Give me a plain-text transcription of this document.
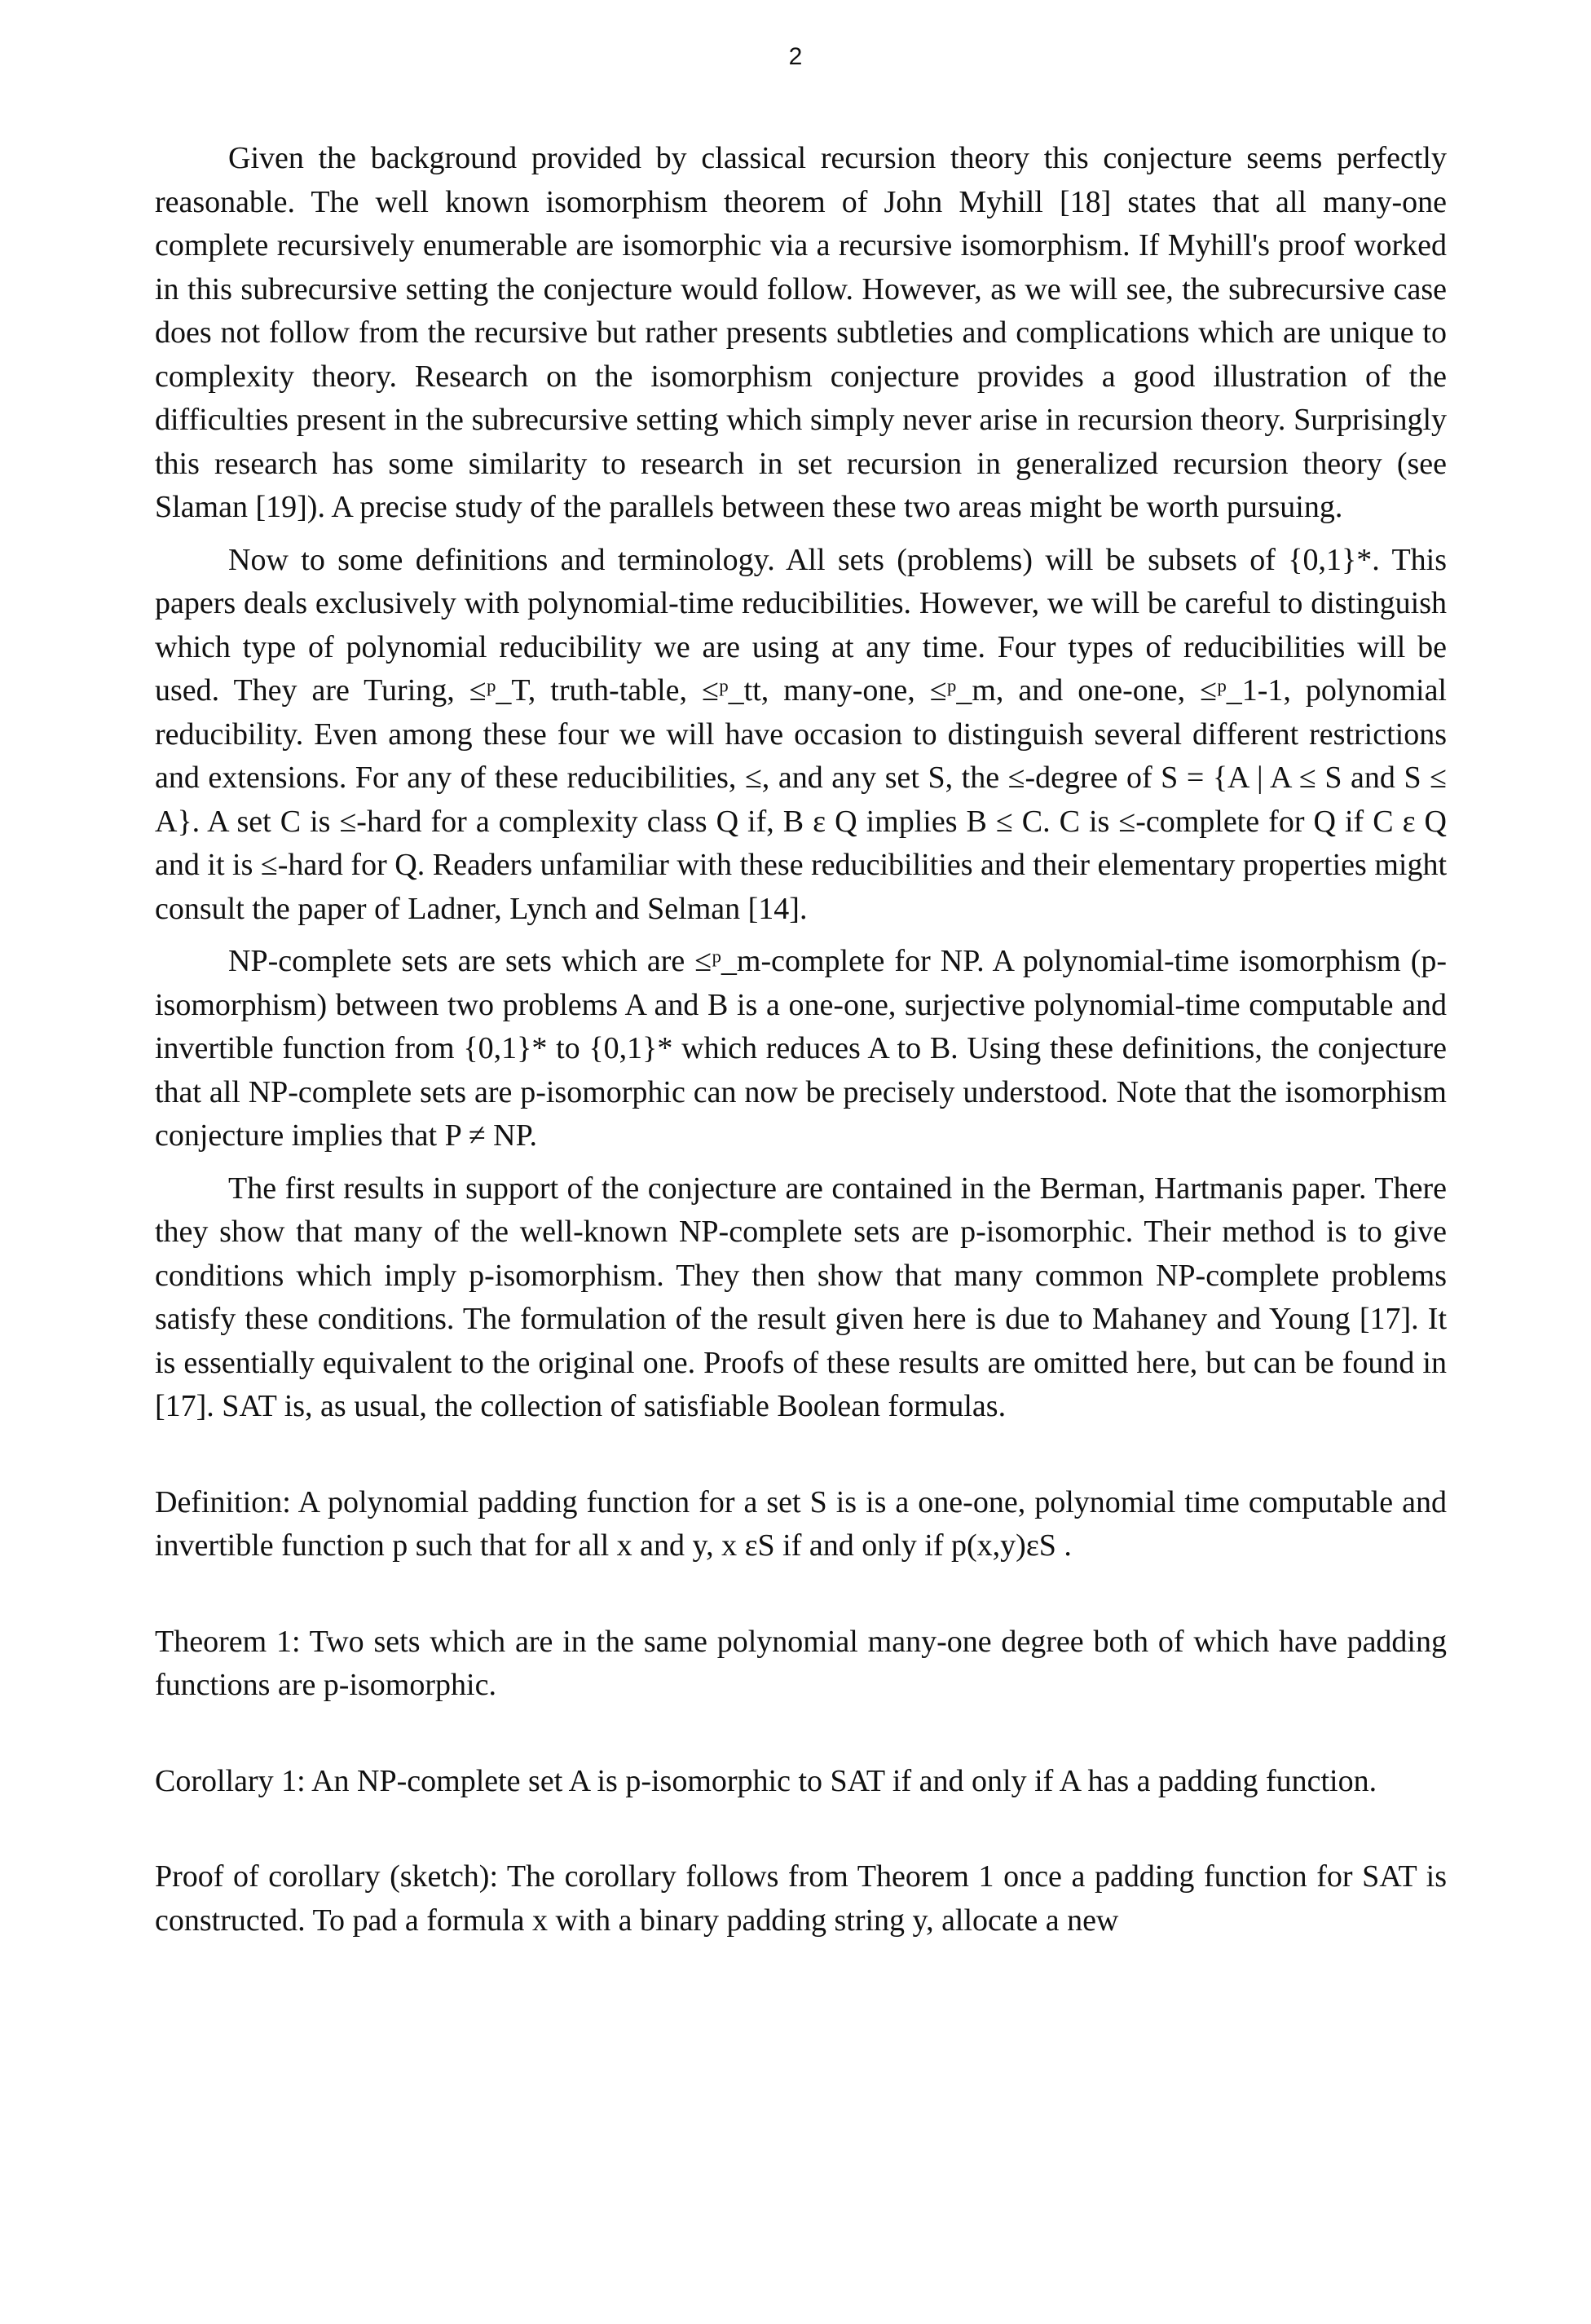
2

Given the background provided by classical recursion theory this conjecture seems perfectly reasonable. The well known isomorphism theorem of John Myhill [18] states that all many-one complete recursively enumerable are isomorphic via a recursive isomorphism. If Myhill's proof worked in this subrecursive setting the conjecture would follow. However, as we will see, the subrecursive case does not follow from the recursive but rather presents subtleties and complications which are unique to complexity theory. Research on the isomorphism conjecture provides a good illustration of the difficulties present in the subrecursive setting which simply never arise in recursion theory. Surprisingly this research has some similarity to research in set recursion in generalized recursion theory (see Slaman [19]). A precise study of the parallels between these two areas might be worth pursuing.

Now to some definitions and terminology. All sets (problems) will be subsets of {0,1}*. This papers deals exclusively with polynomial-time reducibilities. However, we will be careful to distinguish which type of polynomial reducibility we are using at any time. Four types of reducibilities will be used. They are Turing, ≤ᵖ_T, truth-table, ≤ᵖ_tt, many-one, ≤ᵖ_m, and one-one, ≤ᵖ_1-1, polynomial reducibility. Even among these four we will have occasion to distinguish several different restrictions and extensions. For any of these reducibilities, ≤, and any set S, the ≤-degree of S = {A | A ≤ S and S ≤ A}. A set C is ≤-hard for a complexity class Q if, B ε Q implies B ≤ C. C is ≤-complete for Q if C ε Q and it is ≤-hard for Q. Readers unfamiliar with these reducibilities and their elementary properties might consult the paper of Ladner, Lynch and Selman [14].

NP-complete sets are sets which are ≤ᵖ_m-complete for NP. A polynomial-time isomorphism (p-isomorphism) between two problems A and B is a one-one, surjective polynomial-time computable and invertible function from {0,1}* to {0,1}* which reduces A to B. Using these definitions, the conjecture that all NP-complete sets are p-isomorphic can now be precisely understood. Note that the isomorphism conjecture implies that P ≠ NP.

The first results in support of the conjecture are contained in the Berman, Hartmanis paper. There they show that many of the well-known NP-complete sets are p-isomorphic. Their method is to give conditions which imply p-isomorphism. They then show that many common NP-complete problems satisfy these conditions. The formulation of the result given here is due to Mahaney and Young [17]. It is essentially equivalent to the original one. Proofs of these results are omitted here, but can be found in [17]. SAT is, as usual, the collection of satisfiable Boolean formulas.

Definition: A polynomial padding function for a set S is is a one-one, polynomial time computable and invertible function p such that for all x and y, x εS if and only if p(x,y)εS .

Theorem 1: Two sets which are in the same polynomial many-one degree both of which have padding functions are p-isomorphic.

Corollary 1: An NP-complete set A is p-isomorphic to SAT if and only if A has a padding function.

Proof of corollary (sketch): The corollary follows from Theorem 1 once a padding function for SAT is constructed. To pad a formula x with a binary padding string y, allocate a new
